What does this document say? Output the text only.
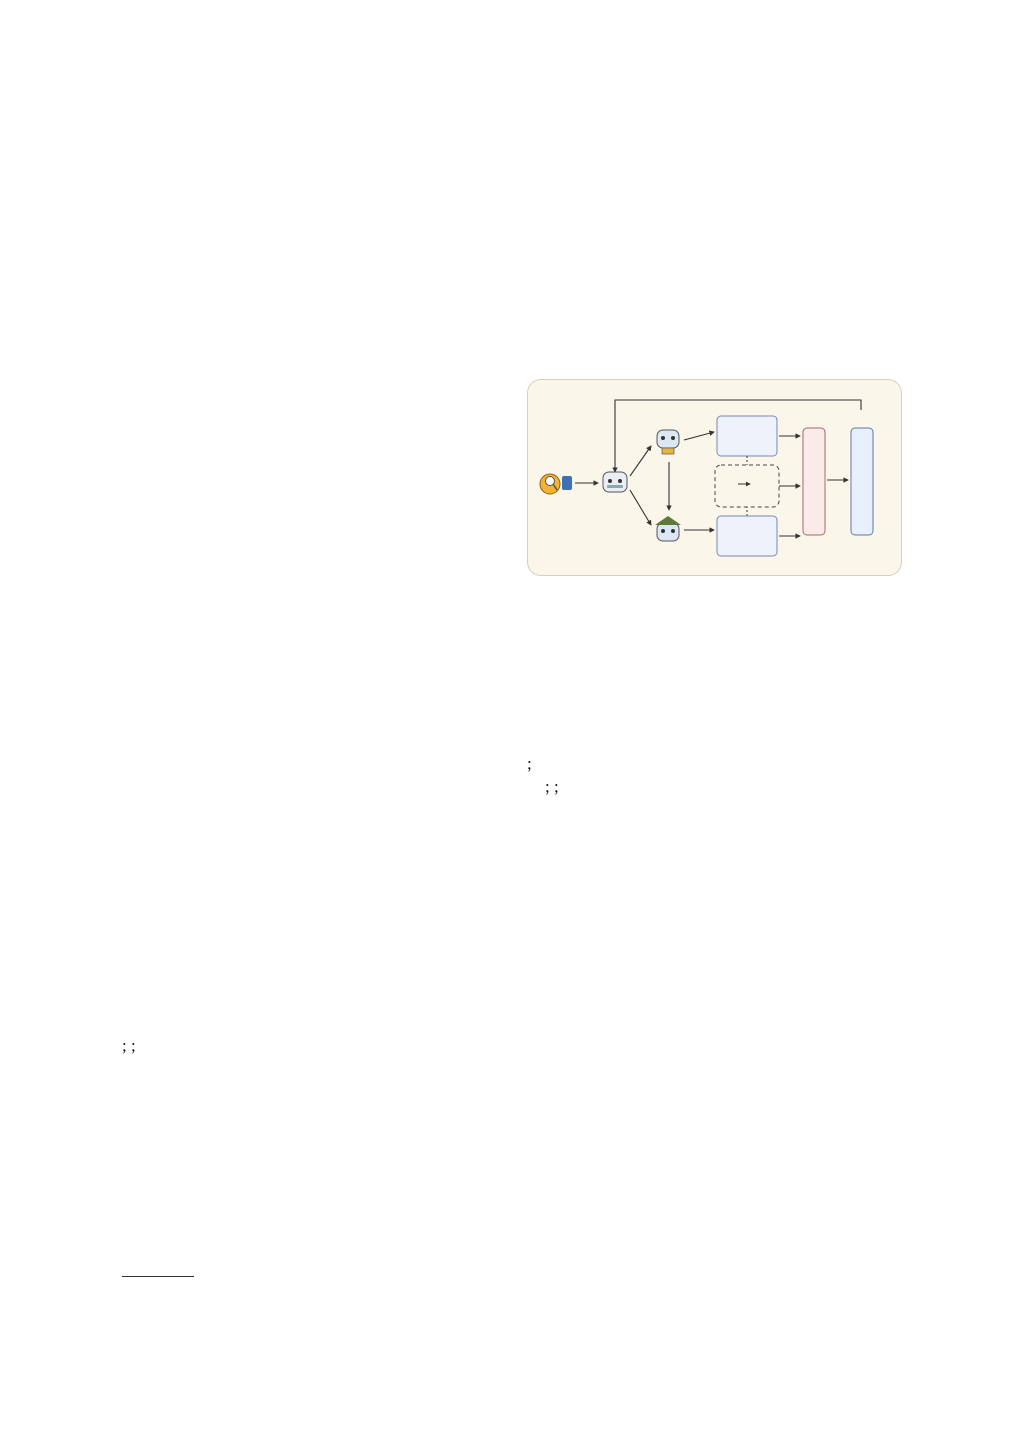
; ;

;

; ;
